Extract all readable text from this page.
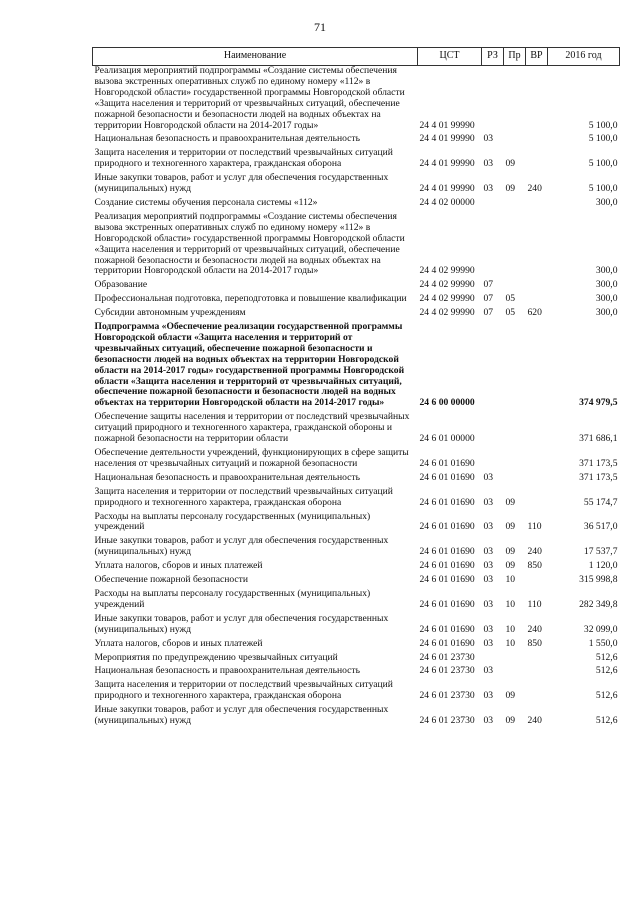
71
Наименование	ЦСТ	РЗ	Пр	ВР	2016 год
Реализация мероприятий подпрограммы «Создание системы обеспечения вызова экстренных оперативных служб по единому номеру «112» в Новгородской области» государственной программы Новгородской области «Защита населения и территорий от чрезвычайных ситуаций, обеспечение пожарной безопасности и безопасности людей на водных объектах на территории Новгородской области на 2014-2017 годы»	24 4 01 99990				5 100,0
Национальная безопасность и правоохранительная деятельность	24 4 01 99990	03			5 100,0
Защита населения и территории от последствий чрезвычайных ситуаций природного и техногенного характера, гражданская оборона	24 4 01 99990	03	09		5 100,0
Иные закупки товаров, работ и услуг для обеспечения государственных (муниципальных) нужд	24 4 01 99990	03	09	240	5 100,0
Создание системы обучения персонала системы «112»	24 4 02 00000				300,0
Реализация мероприятий подпрограммы «Создание системы обеспечения вызова экстренных оперативных служб по единому номеру «112» в Новгородской области» государственной программы Новгородской области «Защита населения и территорий от чрезвычайных ситуаций, обеспечение пожарной безопасности и безопасности людей на водных объектах на территории Новгородской области на 2014-2017 годы»	24 4 02 99990				300,0
Образование	24 4 02 99990	07			300,0
Профессиональная подготовка, переподготовка и повышение квалификации	24 4 02 99990	07	05		300,0
Субсидии автономным учреждениям	24 4 02 99990	07	05	620	300,0
Подпрограмма «Обеспечение реализации государственной программы Новгородской области «Защита населения и территорий от чрезвычайных ситуаций, обеспечение пожарной безопасности и безопасности людей на водных объектах на территории Новгородской области на 2014-2017 годы» государственной программы Новгородской области «Защита населения и территорий от чрезвычайных ситуаций, обеспечение пожарной безопасности и безопасности людей на водных объектах на территории Новгородской области на 2014-2017 годы»	24 6 00 00000				374 979,5
Обеспечение защиты населения и территории от последствий чрезвычайных ситуаций природного и техногенного характера, гражданской обороны и пожарной безопасности на территории области	24 6 01 00000				371 686,1
Обеспечение деятельности учреждений, функционирующих в сфере защиты населения от чрезвычайных ситуаций и пожарной безопасности	24 6 01 01690				371 173,5
Национальная безопасность и правоохранительная деятельность	24 6 01 01690	03			371 173,5
Защита населения и территории от последствий чрезвычайных ситуаций природного и техногенного характера, гражданская оборона	24 6 01 01690	03	09		55 174,7
Расходы на выплаты персоналу государственных (муниципальных) учреждений	24 6 01 01690	03	09	110	36 517,0
Иные закупки товаров, работ и услуг для обеспечения государственных (муниципальных) нужд	24 6 01 01690	03	09	240	17 537,7
Уплата налогов, сборов и иных платежей	24 6 01 01690	03	09	850	1 120,0
Обеспечение пожарной безопасности	24 6 01 01690	03	10		315 998,8
Расходы на выплаты персоналу государственных (муниципальных) учреждений	24 6 01 01690	03	10	110	282 349,8
Иные закупки товаров, работ и услуг для обеспечения государственных (муниципальных) нужд	24 6 01 01690	03	10	240	32 099,0
Уплата налогов, сборов и иных платежей	24 6 01 01690	03	10	850	1 550,0
Мероприятия по предупреждению чрезвычайных ситуаций	24 6 01 23730				512,6
Национальная безопасность и правоохранительная деятельность	24 6 01 23730	03			512,6
Защита населения и территории от последствий чрезвычайных ситуаций природного и техногенного характера, гражданская оборона	24 6 01 23730	03	09		512,6
Иные закупки товаров, работ и услуг для обеспечения государственных (муниципальных) нужд	24 6 01 23730	03	09	240	512,6
